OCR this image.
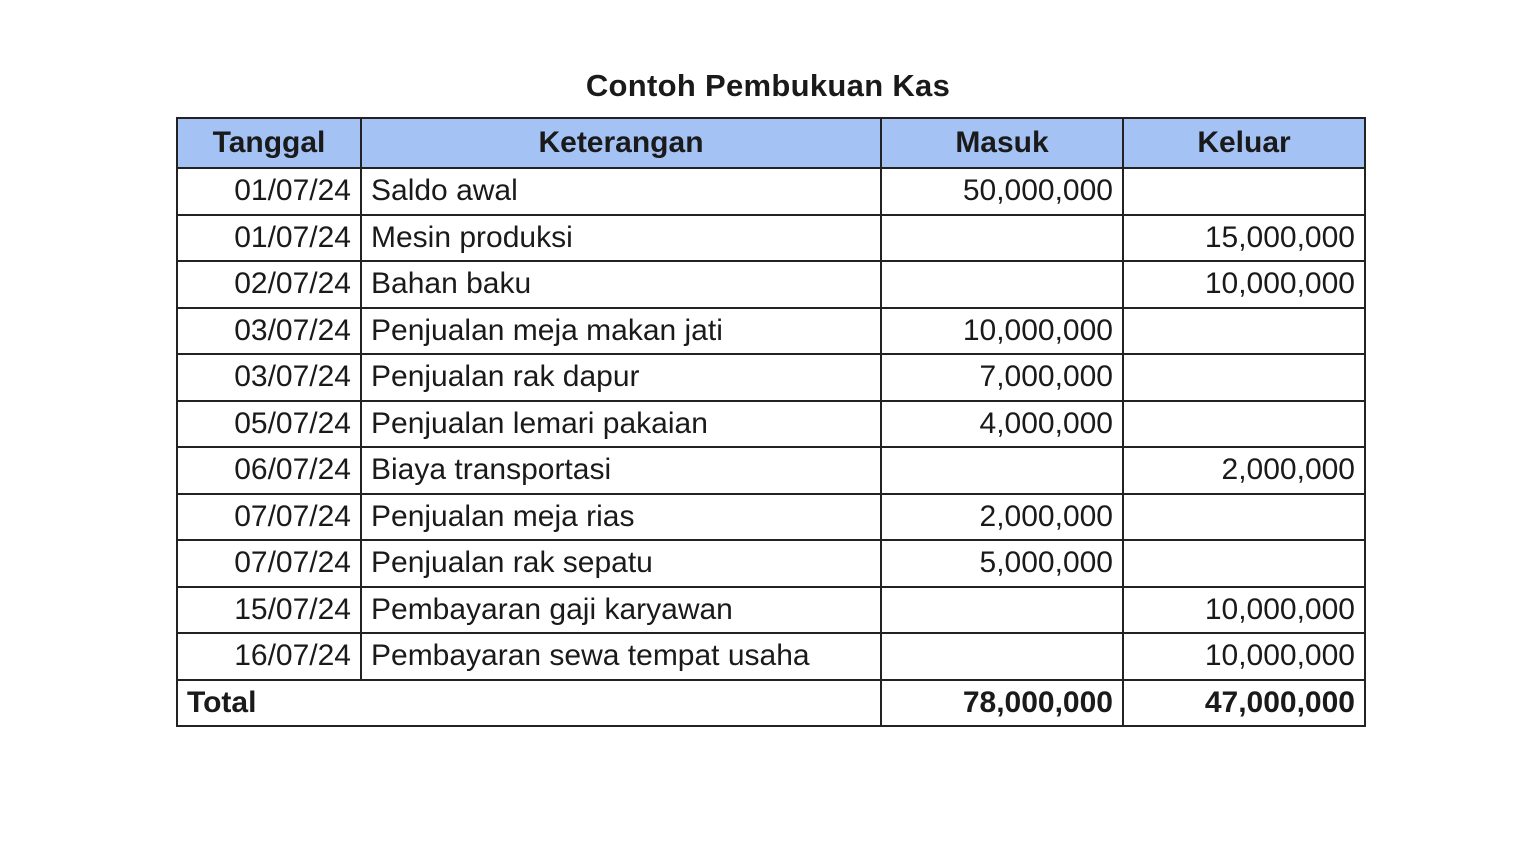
Contoh Pembukuan Kas
Tanggal	Keterangan	Masuk	Keluar
01/07/24	Saldo awal	50,000,000	
01/07/24	Mesin produksi		15,000,000
02/07/24	Bahan baku		10,000,000
03/07/24	Penjualan meja makan jati	10,000,000	
03/07/24	Penjualan rak dapur	7,000,000	
05/07/24	Penjualan lemari pakaian	4,000,000	
06/07/24	Biaya transportasi		2,000,000
07/07/24	Penjualan meja rias	2,000,000	
07/07/24	Penjualan rak sepatu	5,000,000	
15/07/24	Pembayaran gaji karyawan		10,000,000
16/07/24	Pembayaran sewa tempat usaha		10,000,000
Total		78,000,000	47,000,000
